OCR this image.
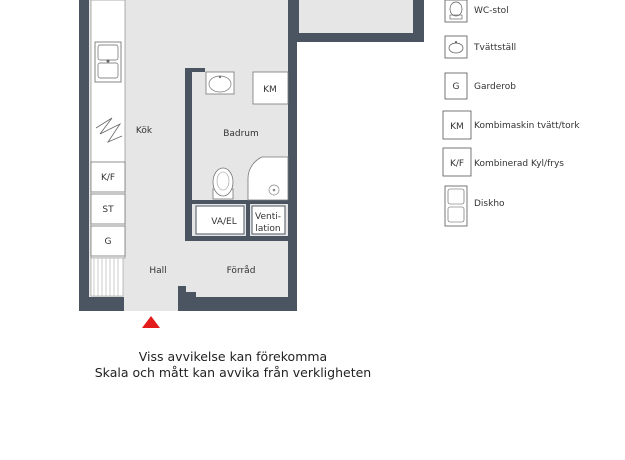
Kök	Badrum
Hall	Förråd
KM
K/F
ST
G
VA/EL Venti-
lation
WC-stol
Tvättställ
G Garderob
KM Kombimaskin tvätt/tork
K/F Kombinerad Kyl/frys
Diskho
Viss avvikelse kan förekomma
Skala och mått kan avvika från verkligheten
